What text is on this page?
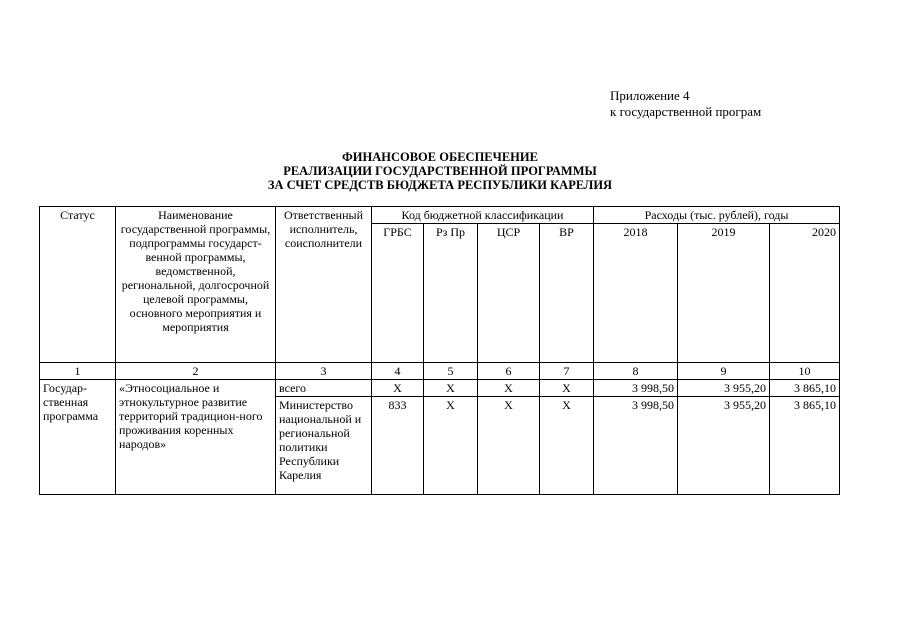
Приложение 4
к государственной програм
ФИНАНСОВОЕ ОБЕСПЕЧЕНИЕ
РЕАЛИЗАЦИИ ГОСУДАРСТВЕННОЙ ПРОГРАММЫ
ЗА СЧЕТ СРЕДСТВ БЮДЖЕТА РЕСПУБЛИКИ КАРЕЛИЯ
Статус	Наименование государственной программы, подпрограммы государст-венной программы, ведомственной, региональной, долгосрочной целевой программы, основного мероприятия и мероприятия	Ответственный исполнитель, соисполнители	Код бюджетной классификации				Расходы (тыс. рублей), годы		
			ГРБС	Рз Пр	ЦСР	ВР	2018	2019	2020
1	2	3	4	5	6	7	8	9	10
Государ-ственная программа	«Этносоциальное и этнокультурное развитие территорий традицион-ного проживания коренных народов»	всего	Х	Х	Х	Х	3 998,50	3 955,20	3 865,10
		Министерство национальной и региональной политики Республики Карелия	833	Х	Х	Х	3 998,50	3 955,20	3 865,10
